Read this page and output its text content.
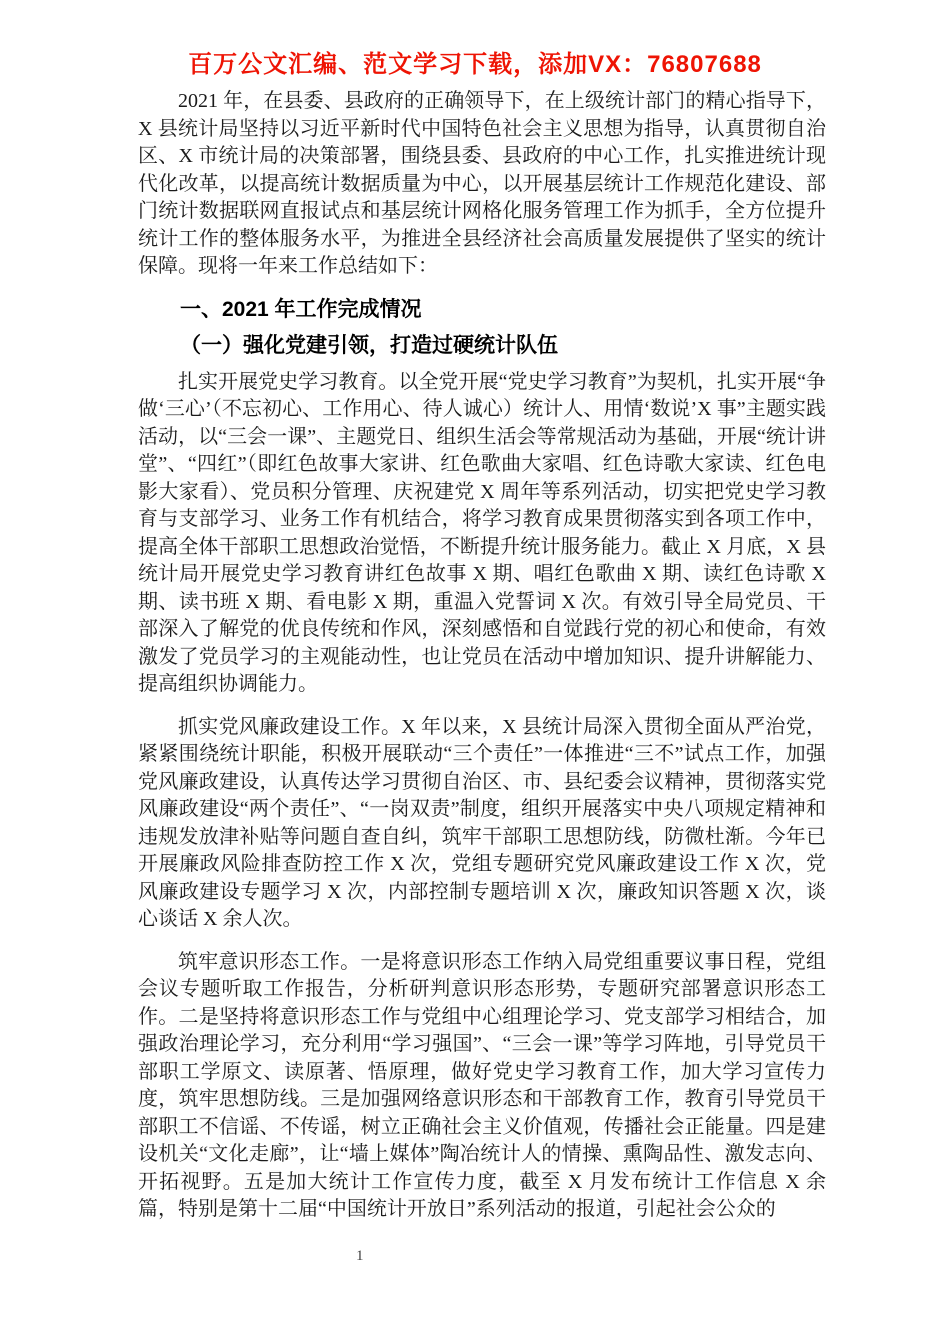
百万公文汇编、范文学习下载，添加VX：76807688

2021 年，在县委、县政府的正确领导下，在上级统计部门的精心指导下，X 县统计局坚持以习近平新时代中国特色社会主义思想为指导，认真贯彻自治区、X 市统计局的决策部署，围绕县委、县政府的中心工作，扎实推进统计现代化改革，以提高统计数据质量为中心，以开展基层统计工作规范化建设、部门统计数据联网直报试点和基层统计网格化服务管理工作为抓手，全方位提升统计工作的整体服务水平，为推进全县经济社会高质量发展提供了坚实的统计保障。现将一年来工作总结如下：

一、2021 年工作完成情况
（一）强化党建引领，打造过硬统计队伍

扎实开展党史学习教育。以全党开展“党史学习教育”为契机，扎实开展“争做‘三心’（不忘初心、工作用心、待人诚心）统计人、用情‘数说’X 事”主题实践活动，以“三会一课”、主题党日、组织生活会等常规活动为基础，开展“统计讲堂”、“四红”（即红色故事大家讲、红色歌曲大家唱、红色诗歌大家读、红色电影大家看）、党员积分管理、庆祝建党 X 周年等系列活动，切实把党史学习教育与支部学习、业务工作有机结合，将学习教育成果贯彻落实到各项工作中，提高全体干部职工思想政治觉悟，不断提升统计服务能力。截止 X 月底，X 县统计局开展党史学习教育讲红色故事 X 期、唱红色歌曲 X 期、读红色诗歌 X 期、读书班 X 期、看电影 X 期，重温入党誓词 X 次。有效引导全局党员、干部深入了解党的优良传统和作风，深刻感悟和自觉践行党的初心和使命，有效激发了党员学习的主观能动性，也让党员在活动中增加知识、提升讲解能力、提高组织协调能力。

抓实党风廉政建设工作。X 年以来，X 县统计局深入贯彻全面从严治党，紧紧围绕统计职能，积极开展联动“三个责任”一体推进“三不”试点工作，加强党风廉政建设，认真传达学习贯彻自治区、市、县纪委会议精神，贯彻落实党风廉政建设“两个责任”、“一岗双责”制度，组织开展落实中央八项规定精神和违规发放津补贴等问题自查自纠，筑牢干部职工思想防线，防微杜渐。今年已开展廉政风险排查防控工作 X 次，党组专题研究党风廉政建设工作 X 次，党风廉政建设专题学习 X 次，内部控制专题培训 X 次，廉政知识答题 X 次，谈心谈话 X 余人次。

筑牢意识形态工作。一是将意识形态工作纳入局党组重要议事日程，党组会议专题听取工作报告，分析研判意识形态形势，专题研究部署意识形态工作。二是坚持将意识形态工作与党组中心组理论学习、党支部学习相结合，加强政治理论学习，充分利用“学习强国”、“三会一课”等学习阵地，引导党员干部职工学原文、读原著、悟原理，做好党史学习教育工作，加大学习宣传力度，筑牢思想防线。三是加强网络意识形态和干部教育工作，教育引导党员干部职工不信谣、不传谣，树立正确社会主义价值观，传播社会正能量。四是建设机关“文化走廊”，让“墙上媒体”陶冶统计人的情操、熏陶品性、激发志向、开拓视野。五是加大统计工作宣传力度，截至 X 月发布统计工作信息 X 余篇，特别是第十二届“中国统计开放日”系列活动的报道，引起社会公众的

1
